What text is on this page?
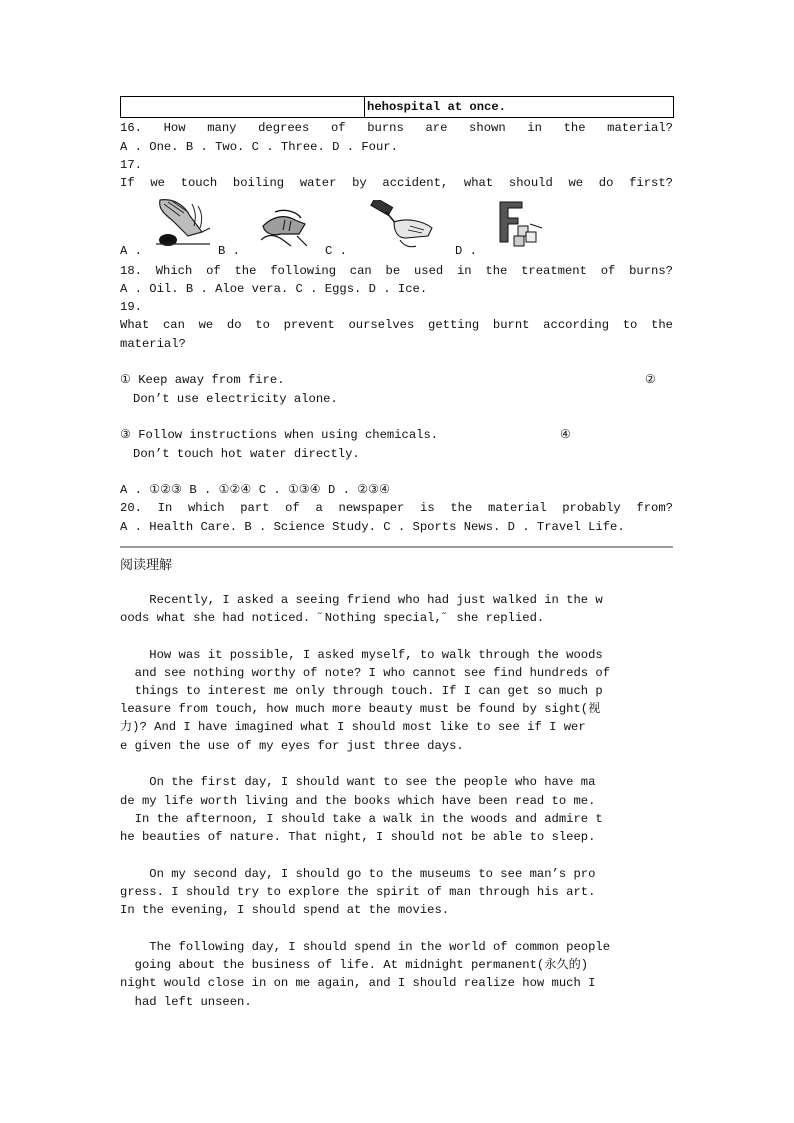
hehospital at once.
16. How many degrees of burns are shown in the material?
A . One. B . Two. C . Three. D . Four.
17.
If we touch boiling water by accident, what should we do first?
A .	B .	C .	D .
18. Which of the following can be used in the treatment of burns?
A . Oil. B . Aloe vera. C . Eggs. D . Ice.
19.
What can we do to prevent ourselves getting burnt according to the
material?
① Keep away from fire.	②
Don’t use electricity alone.
③ Follow instructions when using chemicals.	④
Don’t touch hot water directly.
A . ①②③ B . ①②④ C . ①③④ D . ②③④
20. In which part of a newspaper is the material probably from?
A . Health Care. B . Science Study. C . Sports News. D . Travel Life.
阅读理解
Recently, I asked a seeing friend who had just walked in the w
oods what she had noticed. ˝Nothing special,˝ she replied.
How was it possible, I asked myself, to walk through the woods
and see nothing worthy of note? I who cannot see find hundreds of
things to interest me only through touch. If I can get so much p
leasure from touch, how much more beauty must be found by sight(视
力)? And I have imagined what I should most like to see if I wer
e given the use of my eyes for just three days.
On the first day, I should want to see the people who have ma
de my life worth living and the books which have been read to me.
In the afternoon, I should take a walk in the woods and admire t
he beauties of nature. That night, I should not be able to sleep.
On my second day, I should go to the museums to see man’s pro
gress. I should try to explore the spirit of man through his art.
In the evening, I should spend at the movies.
The following day, I should spend in the world of common people
going about the business of life. At midnight permanent(永久的)
night would close in on me again, and I should realize how much I
had left unseen.
